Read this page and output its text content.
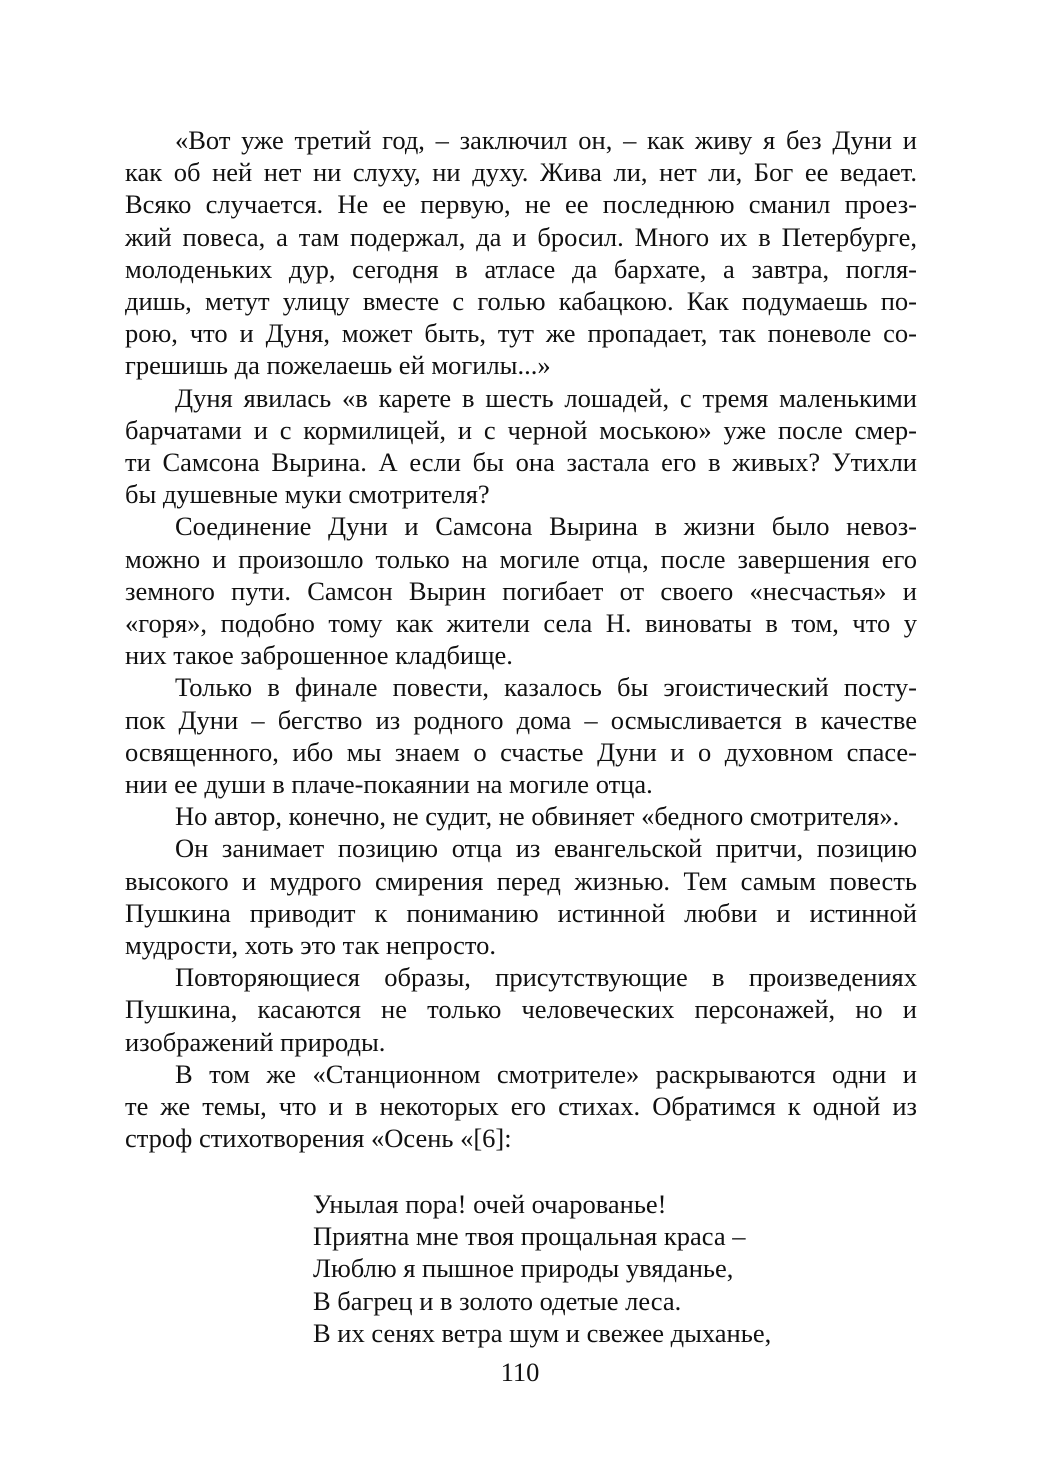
«Вот уже третий год, – заключил он, – как живу я без Дуни и
как об ней нет ни слуху, ни духу. Жива ли, нет ли, Бог ее ведает.
Всяко случается. Не ее первую, не ее последнюю сманил проез-
жий повеса, а там подержал, да и бросил. Много их в Петербурге,
молоденьких дур, сегодня в атласе да бархате, а завтра, погля-
дишь, метут улицу вместе с голью кабацкою. Как подумаешь по-
рою, что и Дуня, может быть, тут же пропадает, так поневоле со-
грешишь да пожелаешь ей могилы...»

Дуня явилась «в карете в шесть лошадей, с тремя маленькими
барчатами и с кормилицей, и с черной моською» уже после смер-
ти Самсона Вырина. А если бы она застала его в живых? Утихли
бы душевные муки смотрителя?

Соединение Дуни и Самсона Вырина в жизни было невоз-
можно и произошло только на могиле отца, после завершения его
земного пути. Самсон Вырин погибает от своего «несчастья» и
«горя», подобно тому как жители села Н. виноваты в том, что у
них такое заброшенное кладбище.

Только в финале повести, казалось бы эгоистический посту-
пок Дуни – бегство из родного дома – осмысливается в качестве
освященного, ибо мы знаем о счастье Дуни и о духовном спасе-
нии ее души в плаче-покаянии на могиле отца.

Но автор, конечно, не судит, не обвиняет «бедного смотрителя».

Он занимает позицию отца из евангельской притчи, позицию
высокого и мудрого смирения перед жизнью. Тем самым повесть
Пушкина приводит к пониманию истинной любви и истинной
мудрости, хоть это так непросто.

Повторяющиеся образы, присутствующие в произведениях
Пушкина, касаются не только человеческих персонажей, но и
изображений природы.

В том же «Станционном смотрителе» раскрываются одни и
те же темы, что и в некоторых его стихах. Обратимся к одной из
строф стихотворения «Осень «[6]:

Унылая пора! очей очарованье!
Приятна мне твоя прощальная краса –
Люблю я пышное природы увяданье,
В багрец и в золото одетые леса.
В их сенях ветра шум и свежее дыханье,
110
